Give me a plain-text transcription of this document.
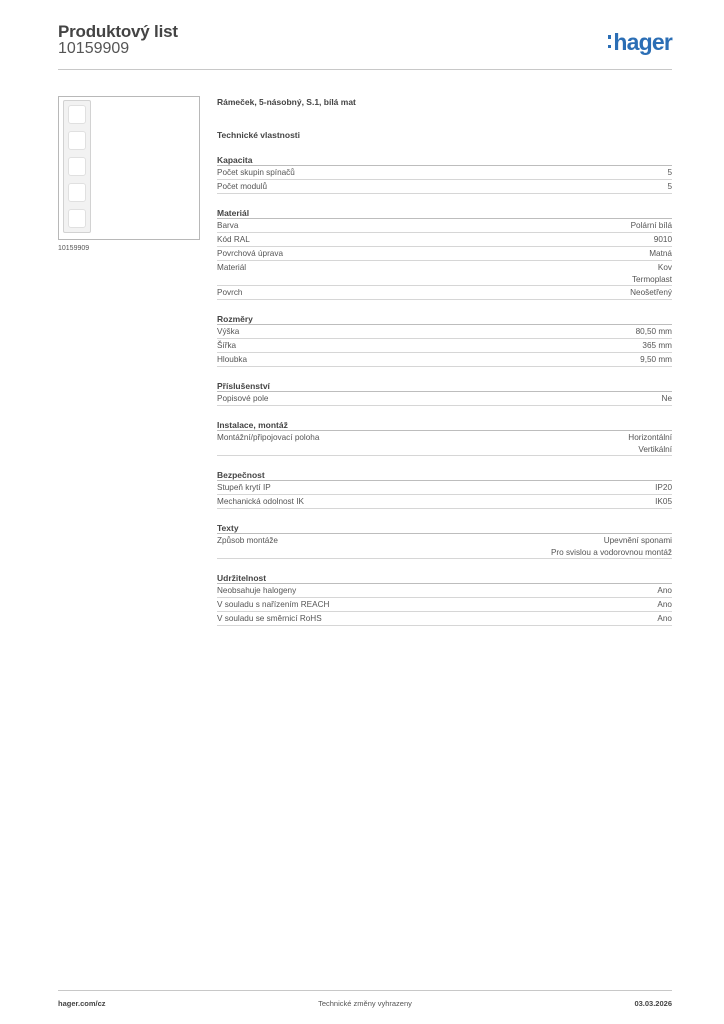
Produktový list
10159909	hager
10159909
Rámeček, 5-násobný, S.1, bílá mat
Technické vlastnosti
Kapacita
Počet skupin spínačů	5
Počet modulů	5
Materiál
Barva	Polární bílá
Kód RAL	9010
Povrchová úprava	Matná
Materiál	Kov
Termoplast
Povrch	Neošetřený
Rozměry
Výška	80,50 mm
Šířka	365 mm
Hloubka	9,50 mm
Příslušenství
Popisové pole	Ne
Instalace, montáž
Montážní/připojovací poloha	Horizontální
Vertikální
Bezpečnost
Stupeň krytí IP	IP20
Mechanická odolnost IK	IK05
Texty
Způsob montáže	Upevnění sponami
Pro svislou a vodorovnou montáž
Udržitelnost
Neobsahuje halogeny	Ano
V souladu s nařízením REACH	Ano
V souladu se směrnicí RoHS	Ano
hager.com/cz	Technické změny vyhrazeny	03.03.2026
